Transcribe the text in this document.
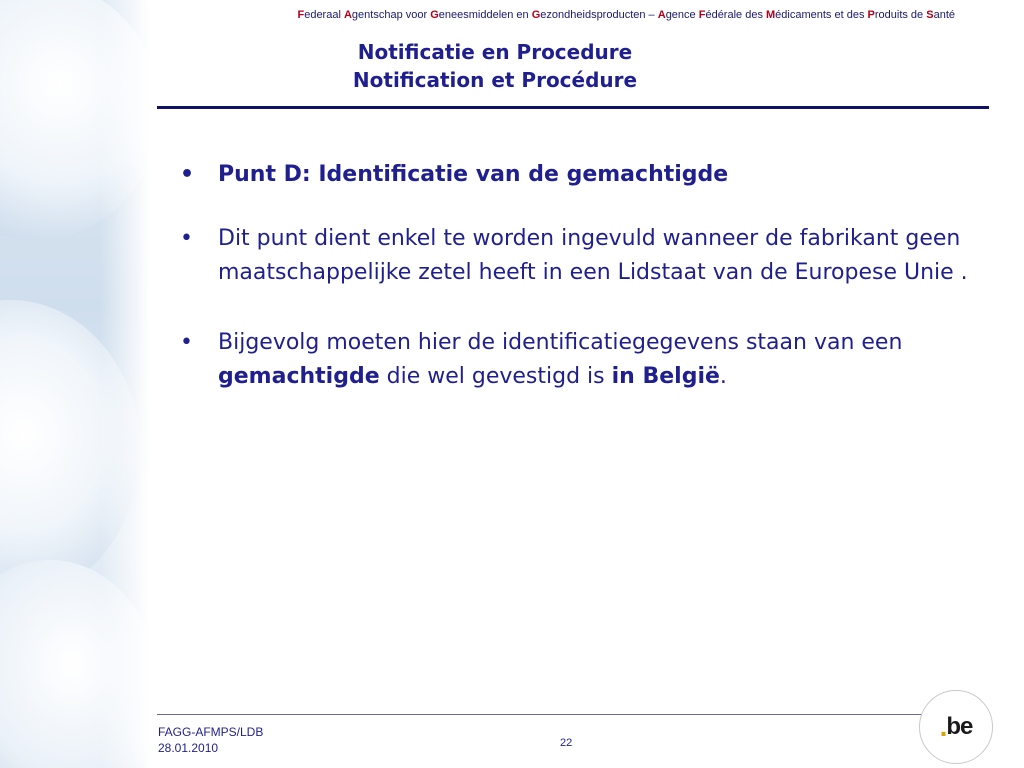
Federaal Agentschap voor Geneesmiddelen en Gezondheidsproducten – Agence Fédérale des Médicaments et des Produits de Santé
Notificatie en Procedure
Notification et Procédure
•	Punt D: Identificatie van de gemachtigde
•	Dit punt dient enkel te worden ingevuld wanneer de fabrikant geen maatschappelijke zetel heeft in een Lidstaat van de Europese Unie .
•	Bijgevolg moeten hier de identificatiegegevens staan van een gemachtigde die wel gevestigd is in België.
FAGG-AFMPS/LDB
28.01.2010	22
. be
